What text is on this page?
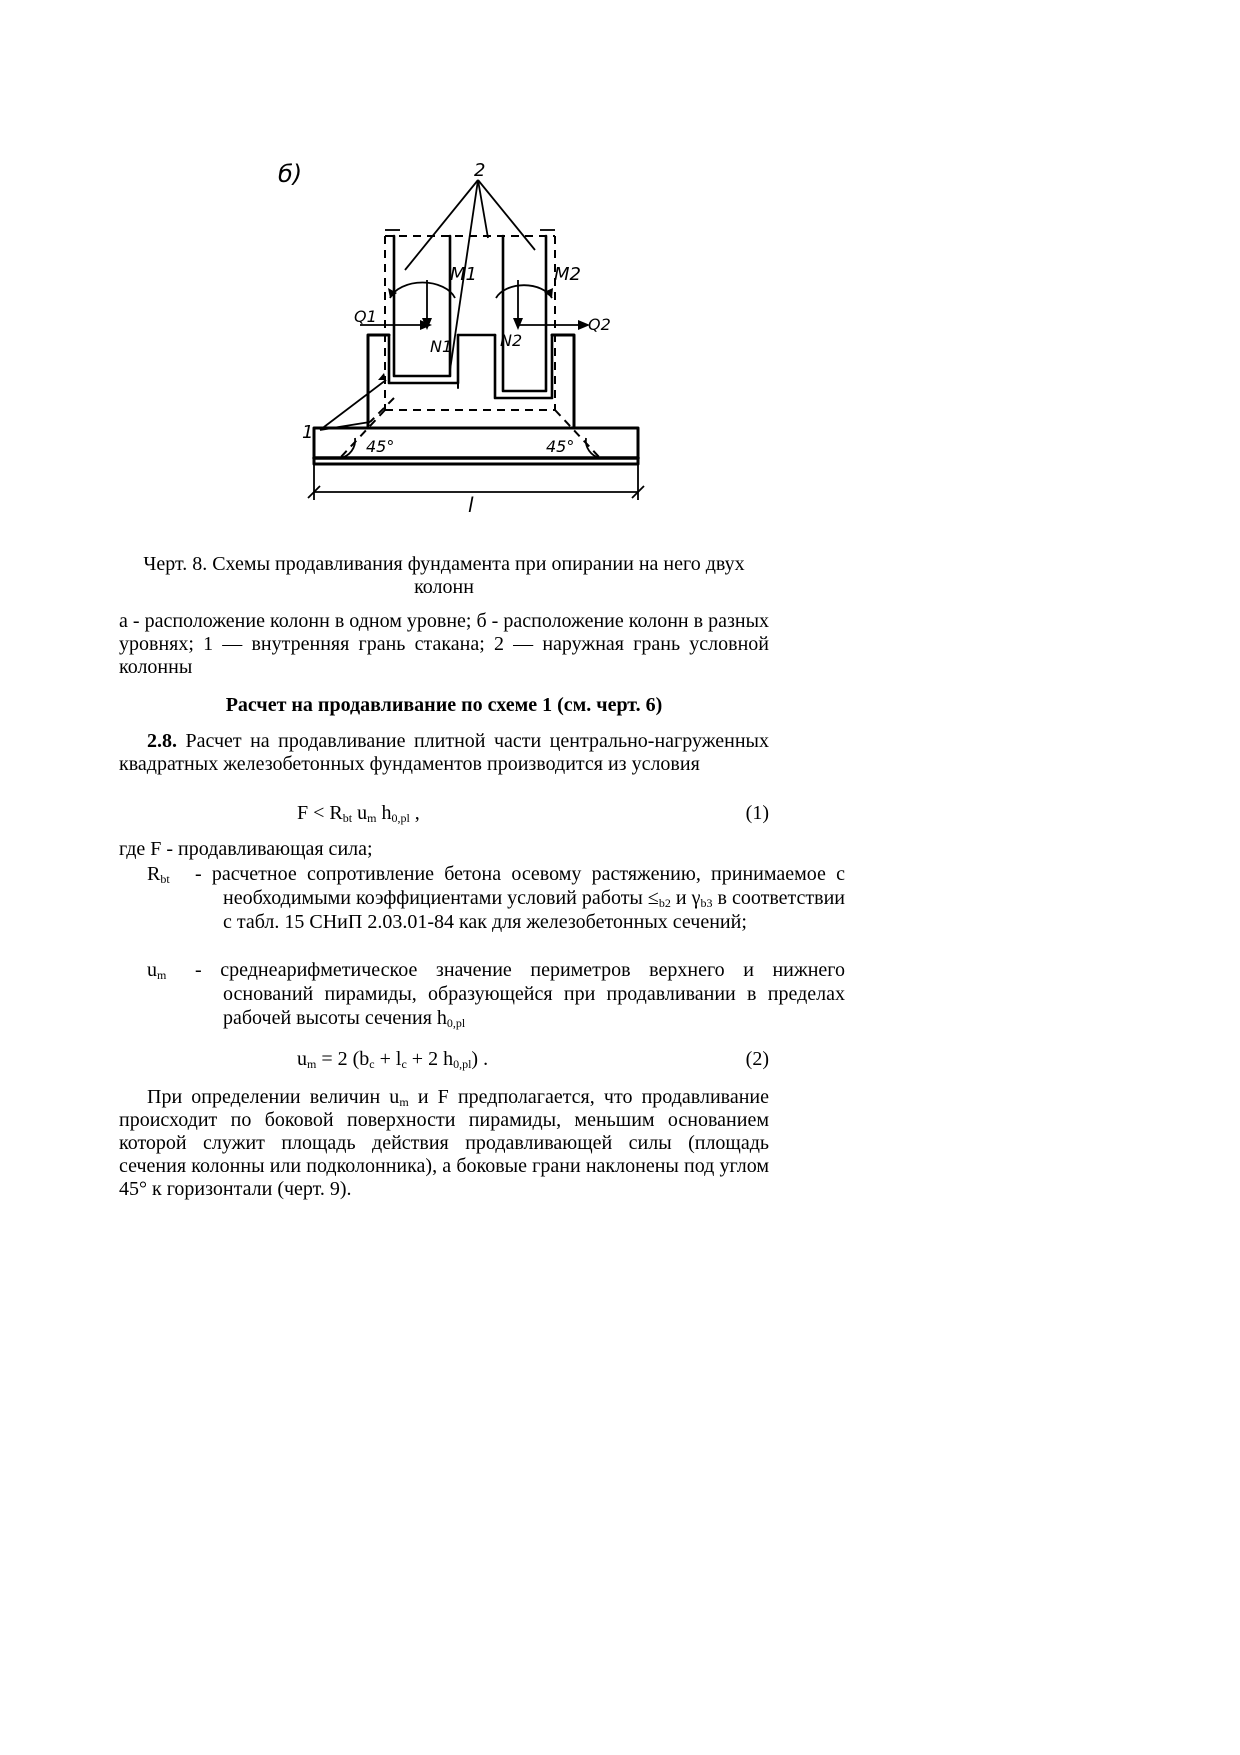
б)	2
1
M1	M2
N1	N2
Q1	Q2
45°	45°
l
Черт. 8. Схемы продавливания фундамента при опирании на него двух колонн
а - расположение колонн в одном уровне; б - расположение колонн в разных уровнях; 1 — внутренняя грань стакана; 2 — наружная грань условной колонны
Расчет на продавливание по схеме 1 (см. черт. 6)
2.8. Расчет на продавливание плитной части центрально-нагруженных квадратных железобетонных фундаментов производится из условия
$F < R_{bt}$ $u_m$ $h_{0,pl}$ ,	(1)
где F - продавливающая сила;
$R_{bt}$ - расчетное сопротивление бетона осевому растяжению, принимаемое с необходимыми коэффициентами условий работы $\le_{b2}$ и $\gamma_{b3}$ в соответствии с табл. 15 СНиП 2.03.01-84 как для железобетонных сечений;
$u_m$ - среднеарифметическое значение периметров верхнего и нижнего оснований пирамиды, образующейся при продавливании в пределах рабочей высоты сечения $h_{0,pl}$
$u_m = 2$ ($b_c + l_c + 2$ $h_{0,pl}$) .	(2)
При определении величин $u_m$ и F предполагается, что продавливание происходит по боковой поверхности пирамиды, меньшим основанием которой служит площадь действия продавливающей силы (площадь сечения колонны или подколонника), а боковые грани наклонены под углом 45° к горизонтали (черт. 9).
